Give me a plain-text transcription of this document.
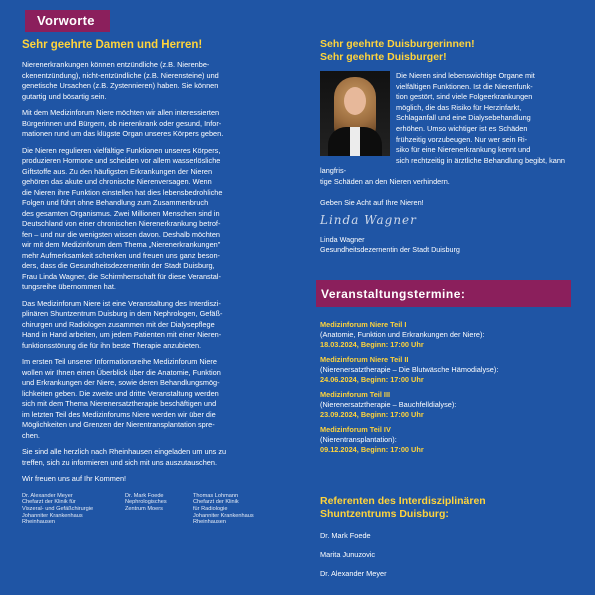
Vorworte
Sehr geehrte Damen und Herren!
Nierenerkrankungen können entzündliche (z.B. Nierenbe-
ckenentzündung), nicht-entzündliche (z.B. Nierensteine) und
genetische Ursachen (z.B. Zystennieren) haben. Sie können
gutartig und bösartig sein.
Mit dem Medizinforum Niere möchten wir allen interessierten
Bürgerinnen und Bürgern, ob nierenkrank oder gesund, Infor-
mationen rund um das klügste Organ unseres Körpers geben.
Die Nieren regulieren vielfältige Funktionen unseres Körpers,
produzieren Hormone und scheiden vor allem wasserlösliche
Giftstoffe aus. Zu den häufigsten Erkrankungen der Nieren
gehören das akute und chronische Nierenversagen. Wenn
die Nieren ihre Funktion einstellen hat dies lebensbedrohliche
Folgen und führt ohne Behandlung zum Zusammenbruch
des gesamten Organismus. Zwei Millionen Menschen sind in
Deutschland von einer chronischen Nierenerkrankung betrof-
fen – und nur die wenigsten wissen davon. Deshalb möchten
wir mit dem Medizinforum dem Thema „Nierenerkrankungen"
mehr Aufmerksamkeit schenken und freuen uns ganz beson-
ders, dass die Gesundheitsdezernentin der Stadt Duisburg,
Frau Linda Wagner, die Schirmherrschaft für diese Veranstal-
tungsreihe übernommen hat.
Das Medizinforum Niere ist eine Veranstaltung des Interdiszi-
plinären Shuntzentrum Duisburg in dem Nephrologen, Gefäß-
chirurgen und Radiologen zusammen mit der Dialysepflege
Hand in Hand arbeiten, um jedem Patienten mit einer Nieren-
funktionsstörung die für ihn beste Therapie anzubieten.
Im ersten Teil unserer Informationsreihe Medizinforum Niere
wollen wir Ihnen einen Überblick über die Anatomie, Funktion
und Erkrankungen der Niere, sowie deren Behandlungsmög-
lichkeiten geben. Die zweite und dritte Veranstaltung werden
sich mit dem Thema Nierenersatztherapie beschäftigen und
im letzten Teil des Medizinforums Niere werden wir über die
Möglichkeiten und Grenzen der Nierentransplantation spre-
chen.
Sie sind alle herzlich nach Rheinhausen eingeladen um uns zu
treffen, sich zu informieren und sich mit uns auszutauschen.
Wir freuen uns auf Ihr Kommen!
Dr. Alexander Meyer
Chefarzt der Klinik für
Viszeral- und Gefäßchirurgie
Johanniter Krankenhaus
Rheinhausen
Dr. Mark Foede
Nephrologisches
Zentrum Moers
Thomas Lohmann
Chefarzt der Klinik
für Radiologie
Johanniter Krankenhaus
Rheinhausen
Sehr geehrte Duisburgerinnen!
Sehr geehrte Duisburger!
Die Nieren sind lebenswichtige Organe mit
vielfältigen Funktionen. Ist die Nierenfunk-
tion gestört, sind viele Folgeerkrankungen
möglich, die das Risiko für Herzinfarkt,
Schlaganfall und eine Dialysebehandlung
erhöhen. Umso wichtiger ist es Schäden
frühzeitig vorzubeugen. Nur wer sein Ri-
siko für eine Nierenerkrankung kennt und
sich rechtzeitig in ärztliche Behandlung begibt, kann langfris-
tige Schäden an den Nieren verhindern.
Geben Sie Acht auf Ihre Nieren!
Linda Wagner
Linda Wagner
Gesundheitsdezernentin der Stadt Duisburg
Veranstaltungstermine:
Medizinforum Niere Teil I
(Anatomie, Funktion und Erkrankungen der Niere):
18.03.2024, Beginn: 17:00 Uhr
Medizinforum Niere Teil II
(Nierenersatztherapie – Die Blutwäsche Hämodialyse):
24.06.2024, Beginn: 17:00 Uhr
Medizinforum Teil III
(Nierenersatztherapie – Bauchfelldialyse):
23.09.2024, Beginn: 17:00 Uhr
Medizinforum Teil IV
(Nierentransplantation):
09.12.2024, Beginn: 17:00 Uhr
Referenten des Interdisziplinären
Shuntzentrums Duisburg:
Dr. Mark Foede
Marita Junuzovic
Dr. Alexander Meyer
